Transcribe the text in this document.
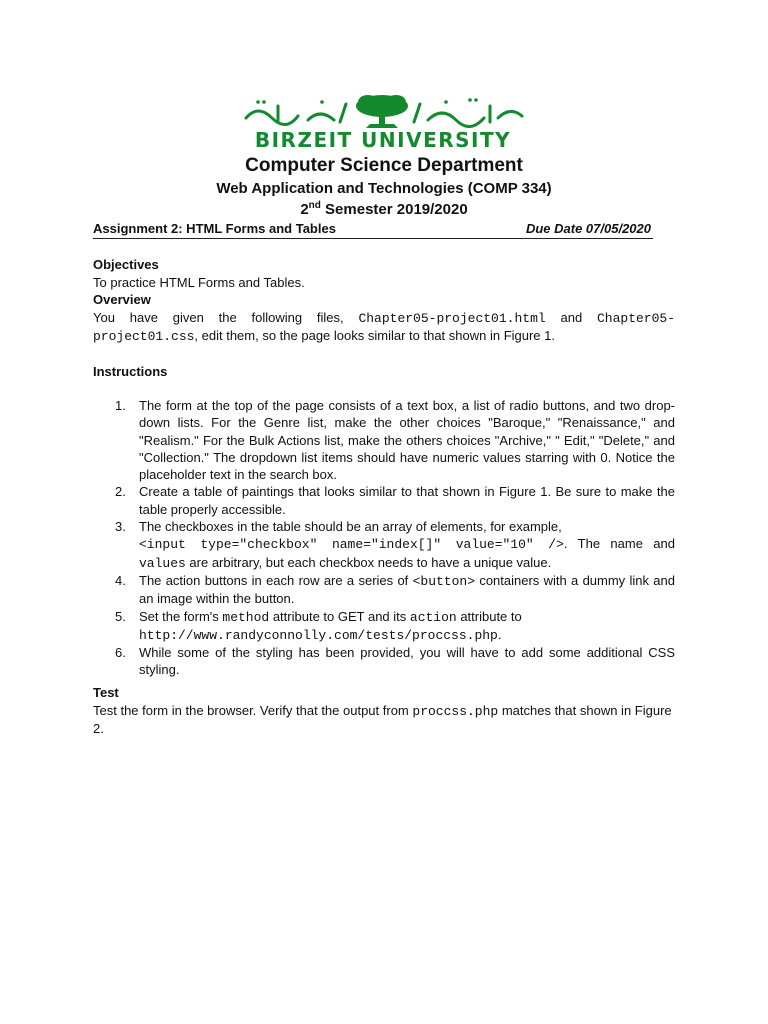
BIRZEIT UNIVERSITY
Computer Science Department
Web Application and Technologies (COMP 334)
2nd Semester 2019/2020
Assignment 2: HTML Forms and Tables	Due Date 07/05/2020
Objectives
To practice HTML Forms and Tables.
Overview
You have given the following files, Chapter05-project01.html and Chapter05-project01.css, edit them, so the page looks similar to that shown in Figure 1.
Instructions
1. The form at the top of the page consists of a text box, a list of radio buttons, and two drop-down lists. For the Genre list, make the other choices "Baroque," "Renaissance," and "Realism." For the Bulk Actions list, make the others choices "Archive," " Edit," "Delete," and "Collection." The dropdown list items should have numeric values starring with 0. Notice the placeholder text in the search box.
2. Create a table of paintings that looks similar to that shown in Figure 1. Be sure to make the table properly accessible.
3. The checkboxes in the table should be an array of elements, for example,
<input type="checkbox" name="index[]" value="10" />. The name and values are arbitrary, but each checkbox needs to have a unique value.
4. The action buttons in each row are a series of <button> containers with a dummy link and an image within the button.
5. Set the form's method attribute to GET and its action attribute to
http://www.randyconnolly.com/tests/proccss.php.
6. While some of the styling has been provided, you will have to add some additional CSS styling.
Test
Test the form in the browser. Verify that the output from proccss.php matches that shown in Figure 2.
